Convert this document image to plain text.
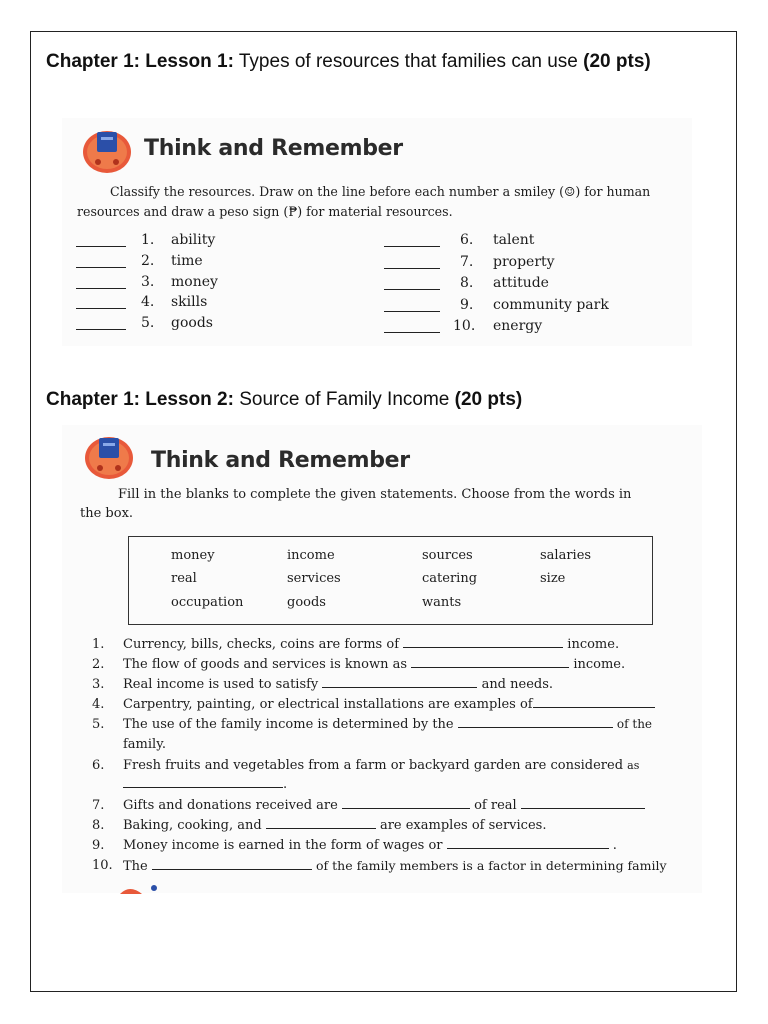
Chapter 1: Lesson 1: Types of resources that families can use (20 pts)
Think and Remember
Classify the resources. Draw on the line before each number a smiley (☺) for human
resources and draw a peso sign (₱) for material resources.
1. ability
2. time
3. money
4. skills
5. goods
6. talent
7. property
8. attitude
9. community park
10. energy
Chapter 1: Lesson 2: Source of Family Income (20 pts)
Think and Remember
Fill in the blanks to complete the given statements. Choose from the words in
the box.
money	income	sources	salaries
real	services	catering	size
occupation	goods	wants
1. Currency, bills, checks, coins are forms of	income.
2. The flow of goods and services is known as	income.
3. Real income is used to satisfy	and needs.
4. Carpentry, painting, or electrical installations are examples of
5. The use of the family income is determined by the	of the
family.
6. Fresh fruits and vegetables from a farm or backyard garden are considered as
.
7. Gifts and donations received are	of real
8. Baking, cooking, and	are examples of services.
9. Money income is earned in the form of wages or	.
10. The	of the family members is a factor in determining family
